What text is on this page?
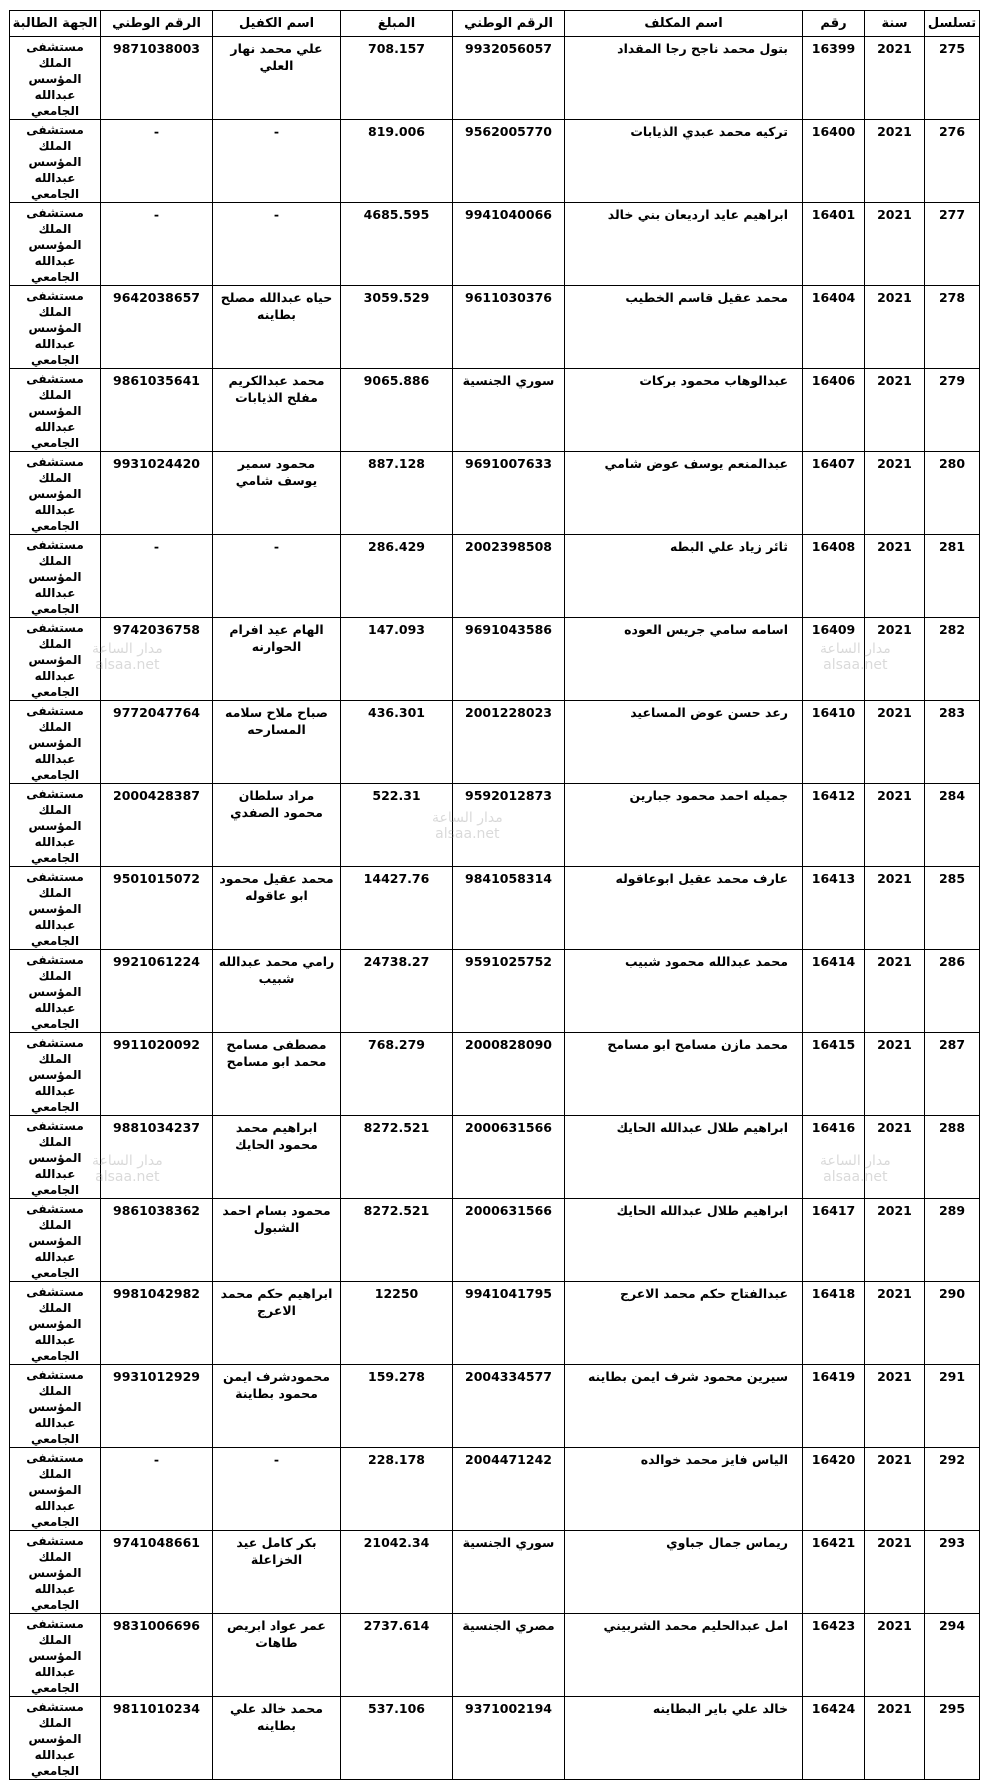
تسلسل	سنة	رقم	اسم المكلف	الرقم الوطني	المبلغ	اسم الكفيل	الرقم الوطني	الجهة الطالبة
275	2021	16399	بتول محمد ناجح رجا المقداد	9932056057	708.157	علي محمد نهار العلي	9871038003	مستشفى الملك المؤسس عبدالله الجامعي
276	2021	16400	تركيه محمد عبدي الذيابات	9562005770	819.006	-	-	مستشفى الملك المؤسس عبدالله الجامعي
277	2021	16401	ابراهيم عايد ارديعان بني خالد	9941040066	4685.595	-	-	مستشفى الملك المؤسس عبدالله الجامعي
278	2021	16404	محمد عقيل قاسم الخطيب	9611030376	3059.529	حياه عبدالله مصلح بطاينه	9642038657	مستشفى الملك المؤسس عبدالله الجامعي
279	2021	16406	عبدالوهاب محمود بركات	سوري الجنسية	9065.886	محمد عبدالكريم مفلح الذيابات	9861035641	مستشفى الملك المؤسس عبدالله الجامعي
280	2021	16407	عبدالمنعم يوسف عوض شامي	9691007633	887.128	محمود سمير يوسف شامي	9931024420	مستشفى الملك المؤسس عبدالله الجامعي
281	2021	16408	ثائر زياد علي البطه	2002398508	286.429	-	-	مستشفى الملك المؤسس عبدالله الجامعي
282	2021	16409	اسامه سامي جريس العوده	9691043586	147.093	الهام عيد افرام الحوارنه	9742036758	مستشفى الملك المؤسس عبدالله الجامعي
283	2021	16410	رعد حسن عوض المساعيد	2001228023	436.301	صباح ملاح سلامه المسارحه	9772047764	مستشفى الملك المؤسس عبدالله الجامعي
284	2021	16412	جميله احمد محمود جبارين	9592012873	522.31	مراد سلطان محمود الصفدي	2000428387	مستشفى الملك المؤسس عبدالله الجامعي
285	2021	16413	عارف محمد عقيل ابوعاقوله	9841058314	14427.76	محمد عقيل محمود ابو عاقوله	9501015072	مستشفى الملك المؤسس عبدالله الجامعي
286	2021	16414	محمد عبدالله محمود شبيب	9591025752	24738.27	رامي محمد عبدالله شبيب	9921061224	مستشفى الملك المؤسس عبدالله الجامعي
287	2021	16415	محمد مازن مسامح ابو مسامح	2000828090	768.279	مصطفى مسامح محمد ابو مسامح	9911020092	مستشفى الملك المؤسس عبدالله الجامعي
288	2021	16416	ابراهيم طلال عبدالله الحايك	2000631566	8272.521	ابراهيم محمد محمود الحايك	9881034237	مستشفى الملك المؤسس عبدالله الجامعي
289	2021	16417	ابراهيم طلال عبدالله الحايك	2000631566	8272.521	محمود بسام احمد الشبول	9861038362	مستشفى الملك المؤسس عبدالله الجامعي
290	2021	16418	عبدالفتاح حكم محمد الاعرج	9941041795	12250	ابراهيم حكم محمد الاعرج	9981042982	مستشفى الملك المؤسس عبدالله الجامعي
291	2021	16419	سيرين محمود شرف ايمن بطاينه	2004334577	159.278	محمودشرف ايمن محمود بطاينة	9931012929	مستشفى الملك المؤسس عبدالله الجامعي
292	2021	16420	الياس فايز محمد خوالده	2004471242	228.178	-	-	مستشفى الملك المؤسس عبدالله الجامعي
293	2021	16421	ريماس جمال جباوي	سوري الجنسية	21042.34	بكر كامل عيد الخزاعلة	9741048661	مستشفى الملك المؤسس عبدالله الجامعي
294	2021	16423	امل عبدالحليم محمد الشربيني	مصري الجنسية	2737.614	عمر عواد ابريص طاهات	9831006696	مستشفى الملك المؤسس عبدالله الجامعي
295	2021	16424	خالد علي باير البطاينه	9371002194	537.106	محمد خالد علي بطاينه	9811010234	مستشفى الملك المؤسس عبدالله الجامعي
مدار الساعة
alsaa.net
مدار الساعة
alsaa.net
مدار الساعة
alsaa.net
مدار الساعة
alsaa.net
مدار الساعة
alsaa.net
